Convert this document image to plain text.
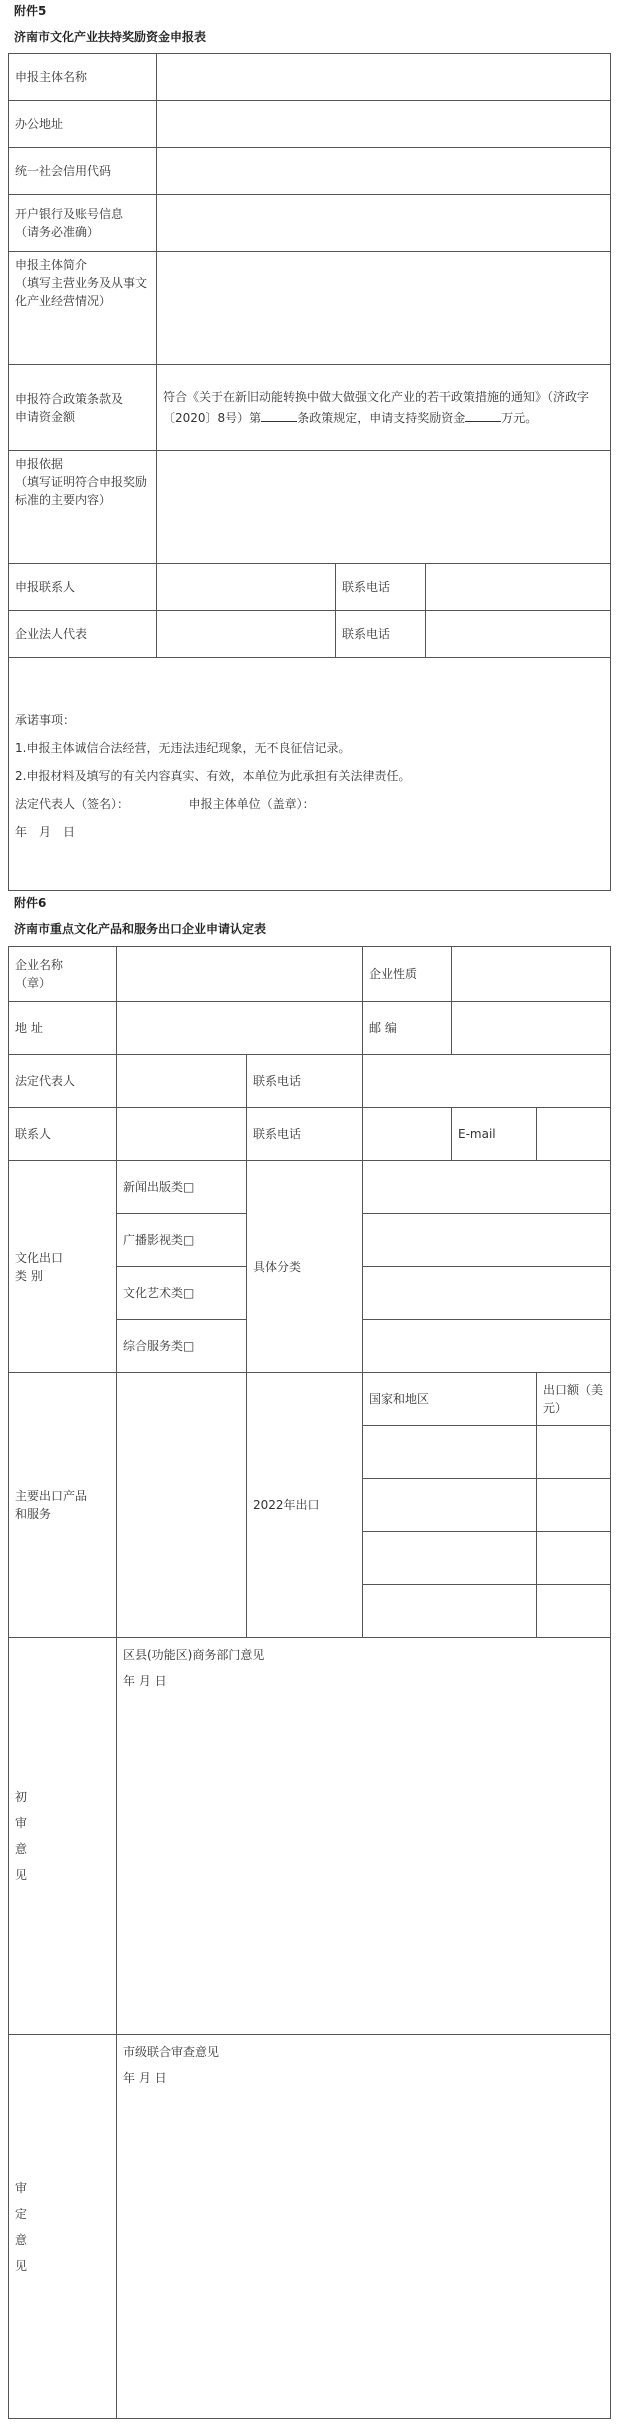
附件5
济南市文化产业扶持奖励资金申报表
申报主体名称			
办公地址			
统一社会信用代码			

开户银行及账号信息
（请务必准确）			

申报主体简介
（填写主营业务及从事文化产业经营情况）			

申报符合政策条款及
申请资金额	符合《关于在新旧动能转换中做大做强文化产业的若干政策措施的通知》（济政字〔2020〕8号）第 条政策规定，申请支持奖励资金 万元。		

申报依据
（填写证明符合申报奖励标准的主要内容）			

申报联系人		联系电话	
企业法人代表		联系电话	

承诺事项：
1.申报主体诚信合法经营，无违法违纪现象，无不良征信记录。
2.申报材料及填写的有关内容真实、有效，本单位为此承担有关法律责任。
法定代表人（签名）： 申报主体单位（盖章）：
年　月　日			
附件6
济南市重点文化产品和服务出口企业申请认定表
企业名称
（章）			企业性质		
地 址			邮 编		
法定代表人		联系电话			
联系人		联系电话		E-mail	

文化出口
类 别	新闻出版类□	具体分类			
	广播影视类□				
	文化艺术类□				
	综合服务类□				

主要出口产品
和服务		2022年出口	国家和地区		出口额（美元）

初
审
意
见	区县(功能区)商务部门意见
年 月 日				

审
定
意
见	市级联合审查意见
年 月 日				
